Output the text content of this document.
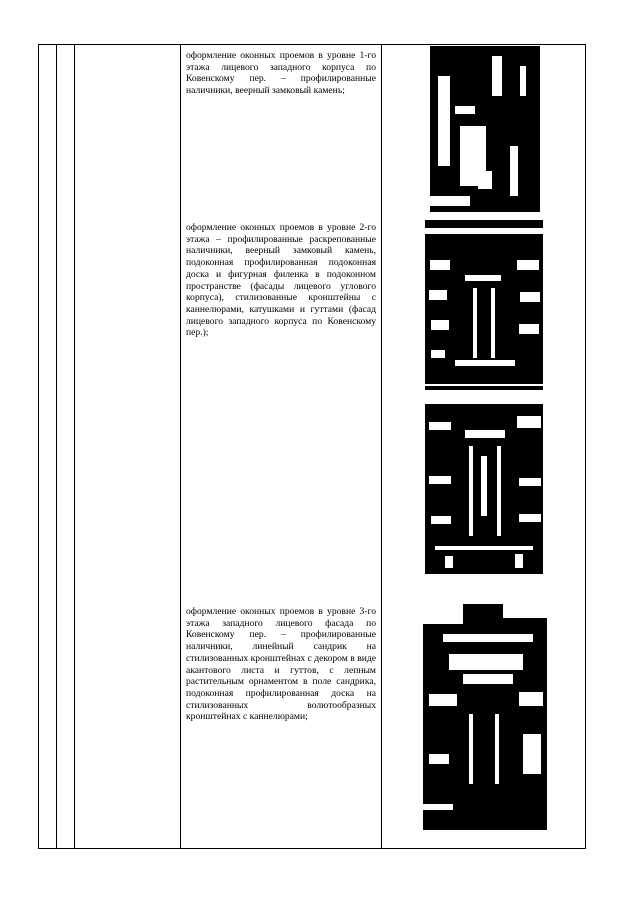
оформление оконных проемов в уровне 1-го этажа лицевого западного корпуса по Ковенскому пер. – профилированные наличники, веерный замковый камень;
оформление оконных проемов в уровне 2-го этажа – профилированные раскрепованные наличники, веерный замковый камень, подоконная профилированная подоконная доска и фигурная филенка в подоконном пространстве (фасады лицевого углового корпуса), стилизованные кронштейны с каннелюрами, катушками и гуттами (фасад лицевого западного корпуса по Ковенскому пер.);
оформление оконных проемов в уровне 3-го этажа западного лицевого фасада по Ковенскому пер. – профилированные наличники, линейный сандрик на стилизованных кронштейнах с декором в виде акантового листа и гуттов, с лепным растительным орнаментом в поле сандрика, подоконная профилированная доска на стилизованных волютообразных кронштейнах с каннелюрами;
